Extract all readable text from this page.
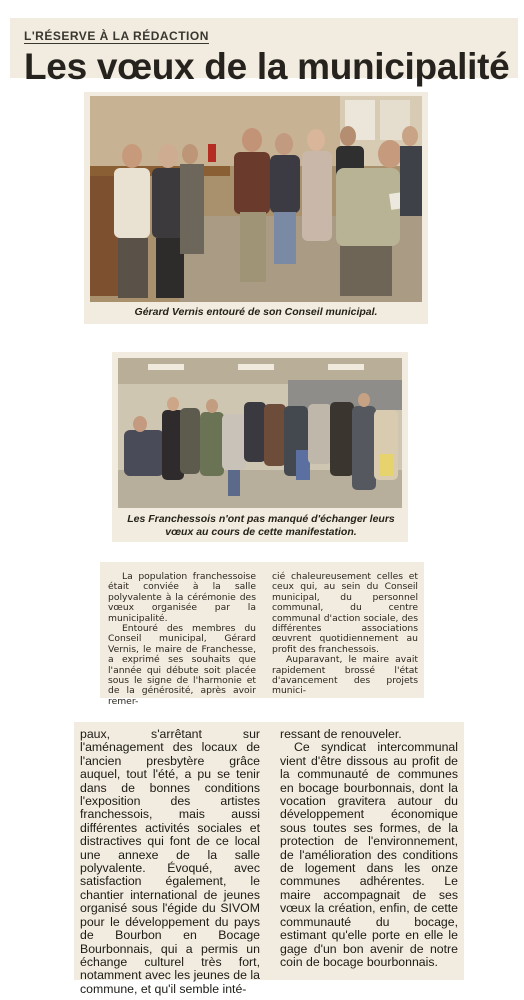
L'RÉSERVE À LA RÉDACTION
Les vœux de la municipalité
Gérard Vernis entouré de son Conseil municipal.
Les Franchessois n'ont pas manqué d'échanger leurs vœux au cours de cette manifestation.

La population franchessoise était conviée à la salle polyvalente à la cérémonie des vœux organisée par la municipalité.

Entouré des membres du Conseil municipal, Gérard Vernis, le maire de Franchesse, a exprimé ses souhaits que l'année qui débute soit placée sous le signe de l'harmonie et de la générosité, après avoir remer-

cié chaleureusement celles et ceux qui, au sein du Conseil municipal, du personnel communal, du centre communal d'action sociale, des différentes associations œuvrent quotidiennement au profit des franchessois.

Auparavant, le maire avait rapidement brossé l'état d'avancement des projets munici-

paux, s'arrêtant sur l'aménagement des locaux de l'ancien presbytère grâce auquel, tout l'été, a pu se tenir dans de bonnes conditions l'exposition des artistes franchessois, mais aussi différentes activités sociales et distractives qui font de ce local une annexe de la salle polyvalente. Évoqué, avec satisfaction également, le chantier international de jeunes organisé sous l'égide du SIVOM pour le développement du pays de Bourbon en Bocage Bourbonnais, qui a permis un échange culturel très fort, notamment avec les jeunes de la commune, et qu'il semble inté-

ressant de renouveler.

Ce syndicat intercommunal vient d'être dissous au profit de la communauté de communes en bocage bourbonnais, dont la vocation gravitera autour du développement économique sous toutes ses formes, de la protection de l'environnement, de l'amélioration des conditions de logement dans les onze communes adhérentes. Le maire accompagnait de ses vœux la création, enfin, de cette communauté du bocage, estimant qu'elle porte en elle le gage d'un bon avenir de notre coin de bocage bourbonnais.
